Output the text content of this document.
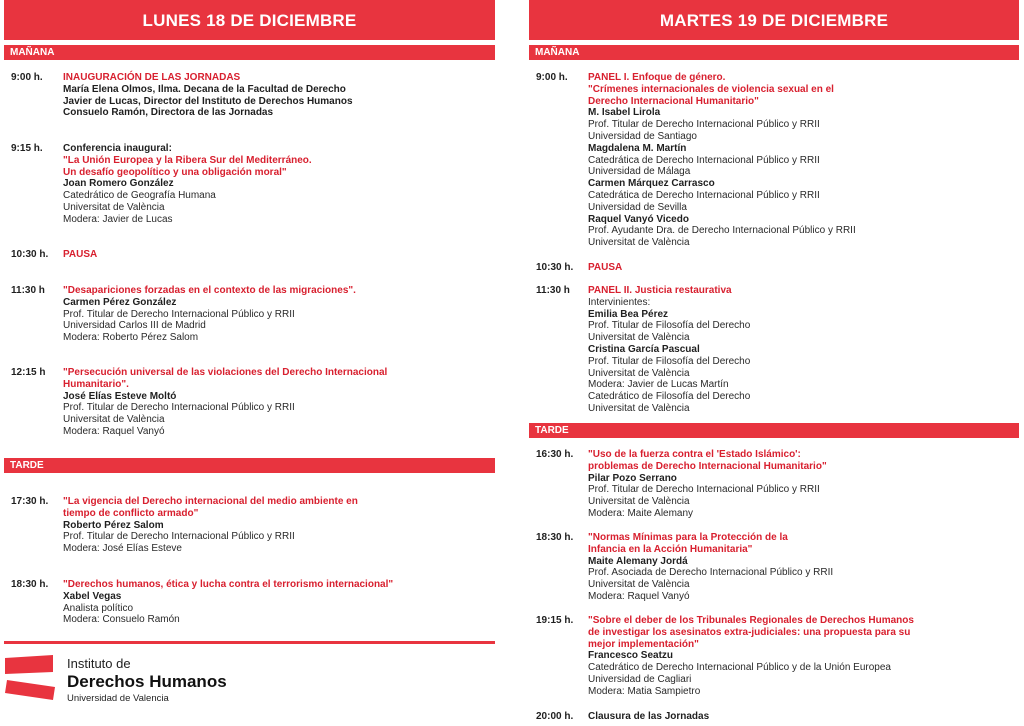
LUNES 18 DE DICIEMBRE
MAÑANA
9:00 h. INAUGURACIÓN DE LAS JORNADAS
María Elena Olmos, Ilma. Decana de la Facultad de Derecho
Javier de Lucas, Director del Instituto de Derechos Humanos
Consuelo Ramón, Directora de las Jornadas
9:15 h. Conferencia inaugural:
"La Unión Europea y la Ribera Sur del Mediterráneo.
Un desafío geopolítico y una obligación moral"
Joan Romero González
Catedrático de Geografía Humana
Universitat de València
Modera: Javier de Lucas
10:30 h. PAUSA
11:30 h "Desapariciones forzadas en el contexto de las migraciones".
Carmen Pérez González
Prof. Titular de Derecho Internacional Público y RRII
Universidad Carlos III de Madrid
Modera: Roberto Pérez Salom
12:15 h "Persecución universal de las violaciones del Derecho Internacional
Humanitario".
José Elías Esteve Moltó
Prof. Titular de Derecho Internacional Público y RRII
Universitat de València
Modera: Raquel Vanyó
TARDE
17:30 h. "La vigencia del Derecho internacional del medio ambiente en
tiempo de conflicto armado"
Roberto Pérez Salom
Prof. Titular de Derecho Internacional Público y RRII
Modera: José Elías Esteve
18:30 h. "Derechos humanos, ética y lucha contra el terrorismo internacional"
Xabel Vegas
Analista político
Modera: Consuelo Ramón
Instituto de
Derechos Humanos
Universidad de Valencia
MARTES 19 DE DICIEMBRE
MAÑANA
9:00 h. PANEL I. Enfoque de género.
"Crímenes internacionales de violencia sexual en el
Derecho Internacional Humanitario"
M. Isabel Lirola
Prof. Titular de Derecho Internacional Público y RRII
Universidad de Santiago
Magdalena M. Martín
Catedrática de Derecho Internacional Público y RRII
Universidad de Málaga
Carmen Márquez Carrasco
Catedrática de Derecho Internacional Público y RRII
Universidad de Sevilla
Raquel Vanyó Vicedo
Prof. Ayudante Dra. de Derecho Internacional Público y RRII
Universitat de València
10:30 h. PAUSA
11:30 h PANEL II. Justicia restaurativa
Intervinientes:
Emilia Bea Pérez
Prof. Titular de Filosofía del Derecho
Universitat de València
Cristina García Pascual
Prof. Titular de Filosofía del Derecho
Universitat de València
Modera: Javier de Lucas Martín
Catedrático de Filosofía del Derecho
Universitat de València
TARDE
16:30 h. "Uso de la fuerza contra el 'Estado Islámico':
problemas de Derecho Internacional Humanitario"
Pilar Pozo Serrano
Prof. Titular de Derecho Internacional Público y RRII
Universitat de València
Modera: Maite Alemany
18:30 h. "Normas Mínimas para la Protección de la
Infancia en la Acción Humanitaria"
Maite Alemany Jordá
Prof. Asociada de Derecho Internacional Público y RRII
Universitat de València
Modera: Raquel Vanyó
19:15 h. "Sobre el deber de los Tribunales Regionales de Derechos Humanos
de investigar los asesinatos extra-judiciales: una propuesta para su
mejor implementación"
Francesco Seatzu
Catedrático de Derecho Internacional Público y de la Unión Europea
Universidad de Cagliari
Modera: Matia Sampietro
20:00 h. Clausura de las Jornadas
